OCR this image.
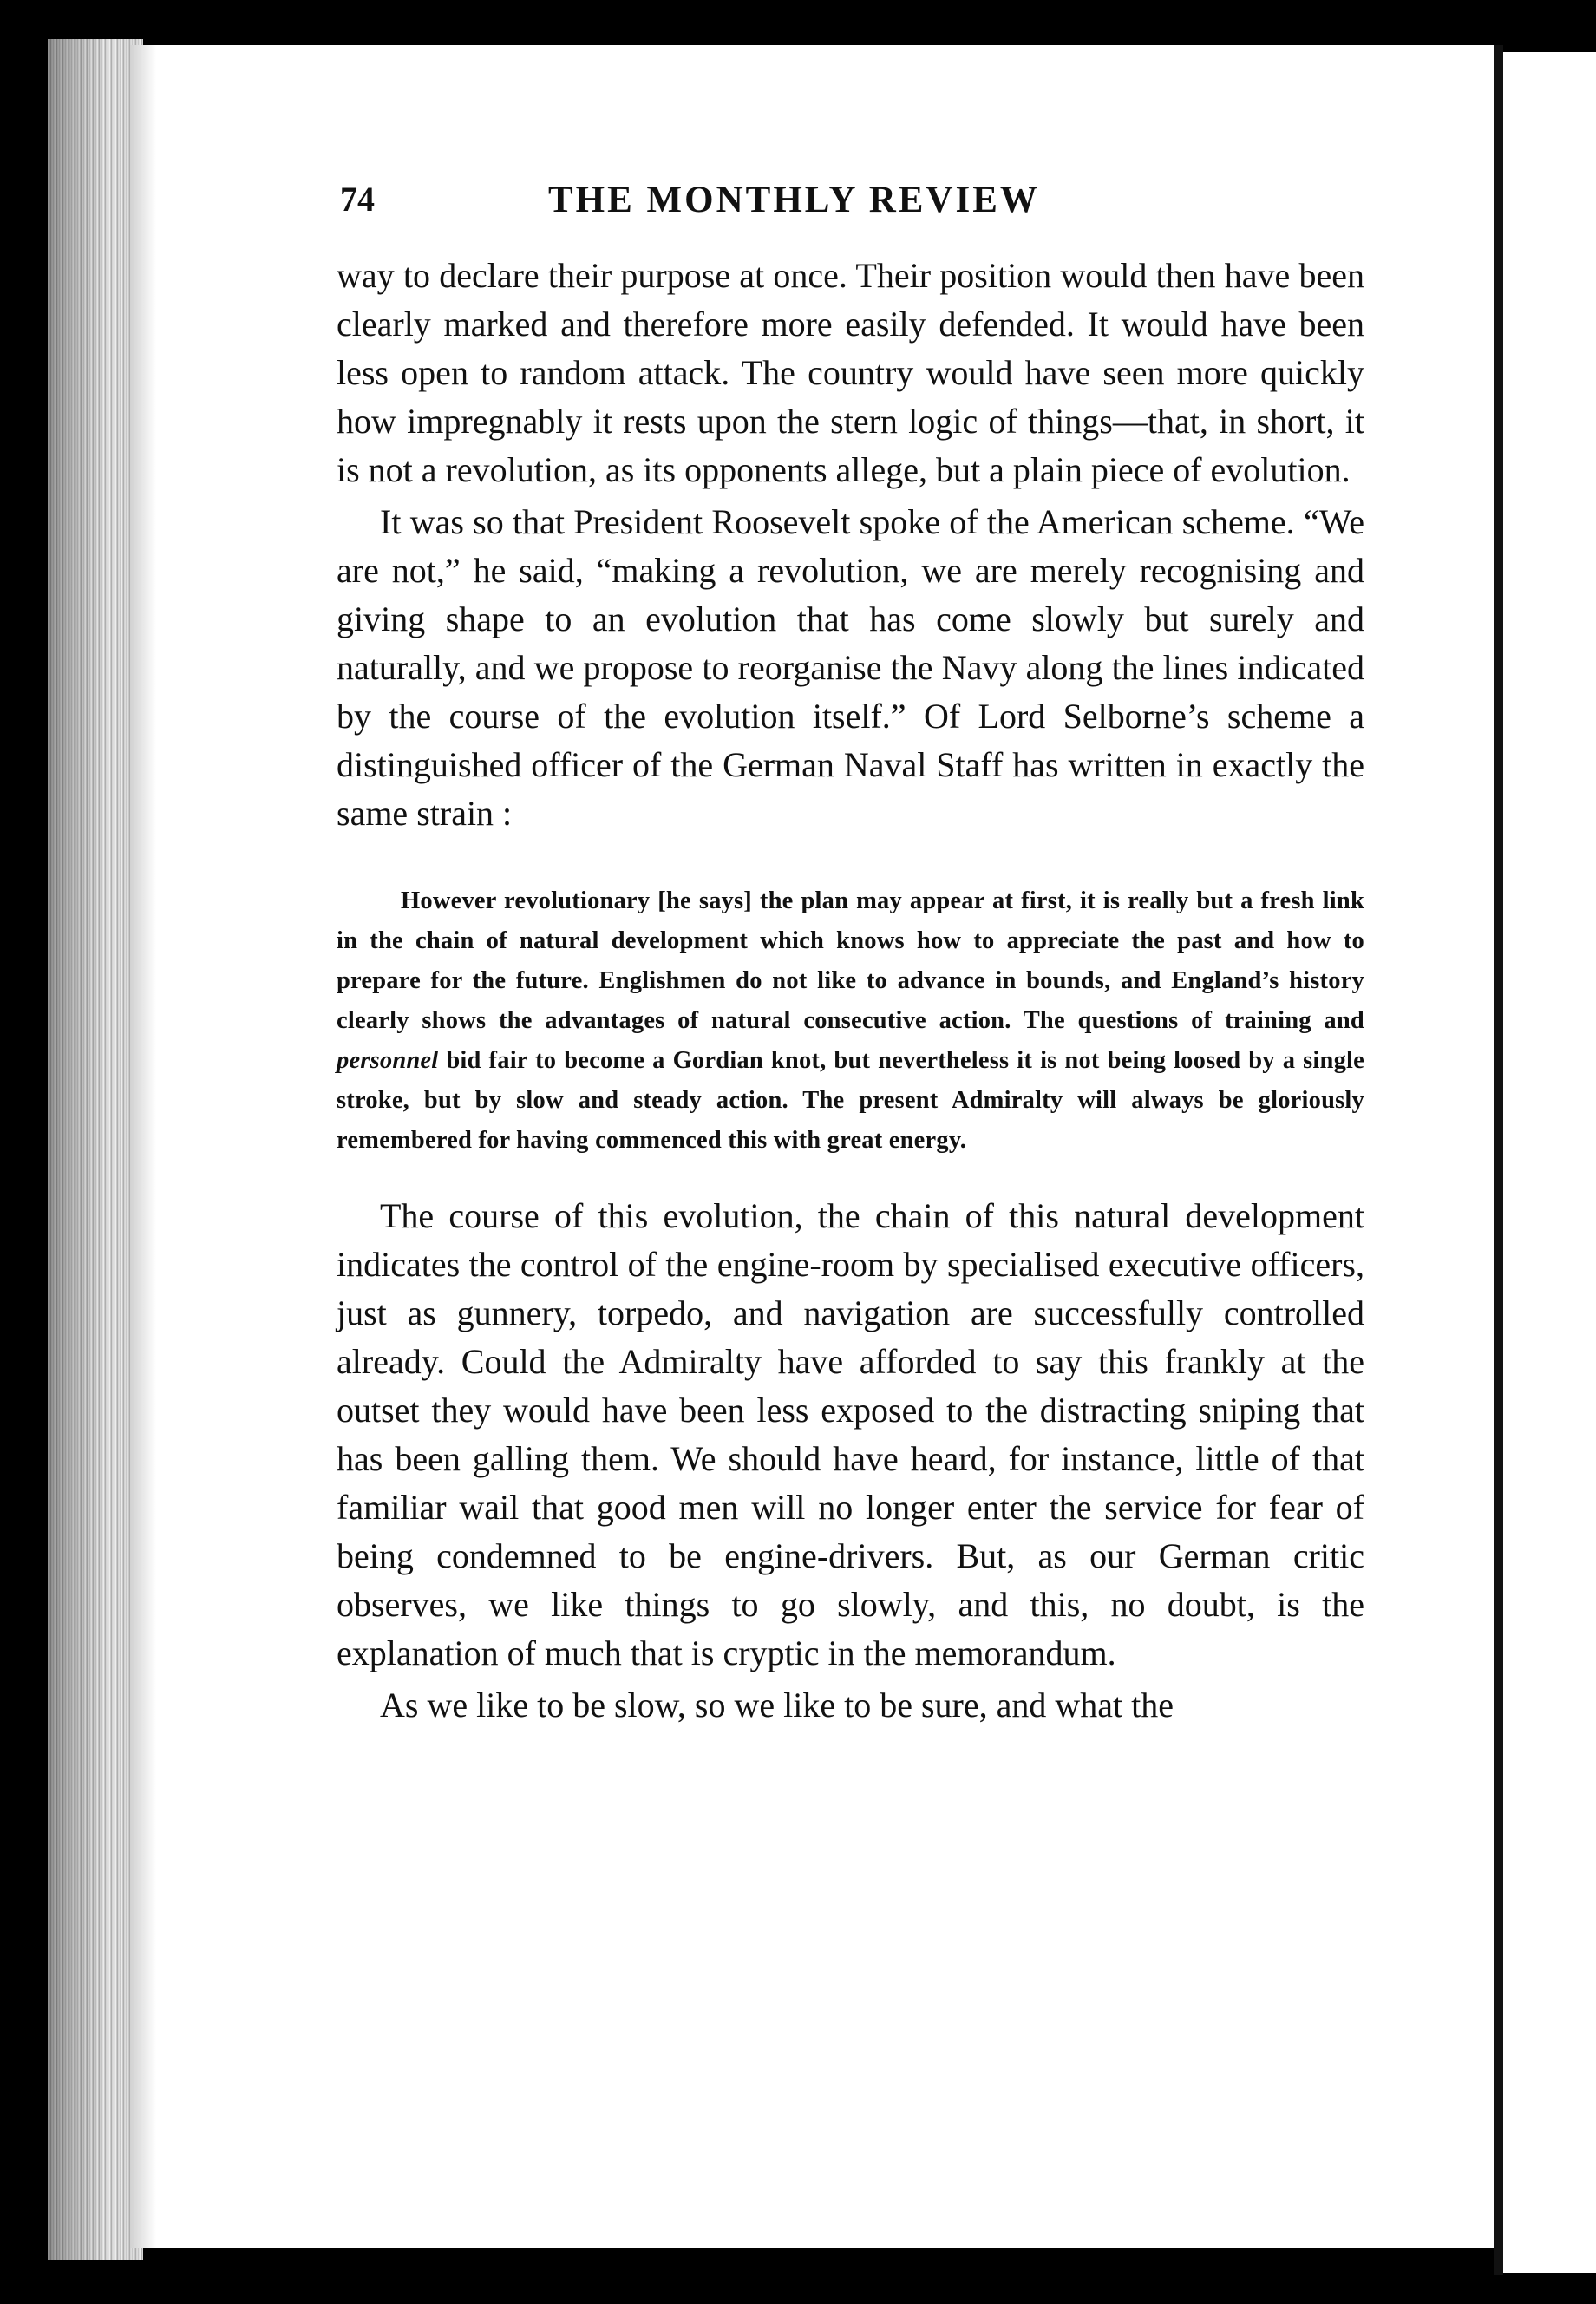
74	THE MONTHLY REVIEW

way to declare their purpose at once. Their position would then have been clearly marked and therefore more easily defended. It would have been less open to random attack. The country would have seen more quickly how impregnably it rests upon the stern logic of things—that, in short, it is not a revolution, as its opponents allege, but a plain piece of evolution.

It was so that President Roosevelt spoke of the American scheme. “We are not,” he said, “making a revolution, we are merely recognising and giving shape to an evolution that has come slowly but surely and naturally, and we propose to reorganise the Navy along the lines indicated by the course of the evolution itself.” Of Lord Selborne’s scheme a distinguished officer of the German Naval Staff has written in exactly the same strain :

However revolutionary [he says] the plan may appear at first, it is really but a fresh link in the chain of natural development which knows how to appreciate the past and how to prepare for the future. Englishmen do not like to advance in bounds, and England’s history clearly shows the advantages of natural consecutive action. The questions of training and personnel bid fair to become a Gordian knot, but nevertheless it is not being loosed by a single stroke, but by slow and steady action. The present Admiralty will always be gloriously remembered for having commenced this with great energy.

The course of this evolution, the chain of this natural development indicates the control of the engine-room by specialised executive officers, just as gunnery, torpedo, and navigation are successfully controlled already. Could the Admiralty have afforded to say this frankly at the outset they would have been less exposed to the distracting sniping that has been galling them. We should have heard, for instance, little of that familiar wail that good men will no longer enter the service for fear of being condemned to be engine-drivers. But, as our German critic observes, we like things to go slowly, and this, no doubt, is the explanation of much that is cryptic in the memorandum.

As we like to be slow, so we like to be sure, and what the
